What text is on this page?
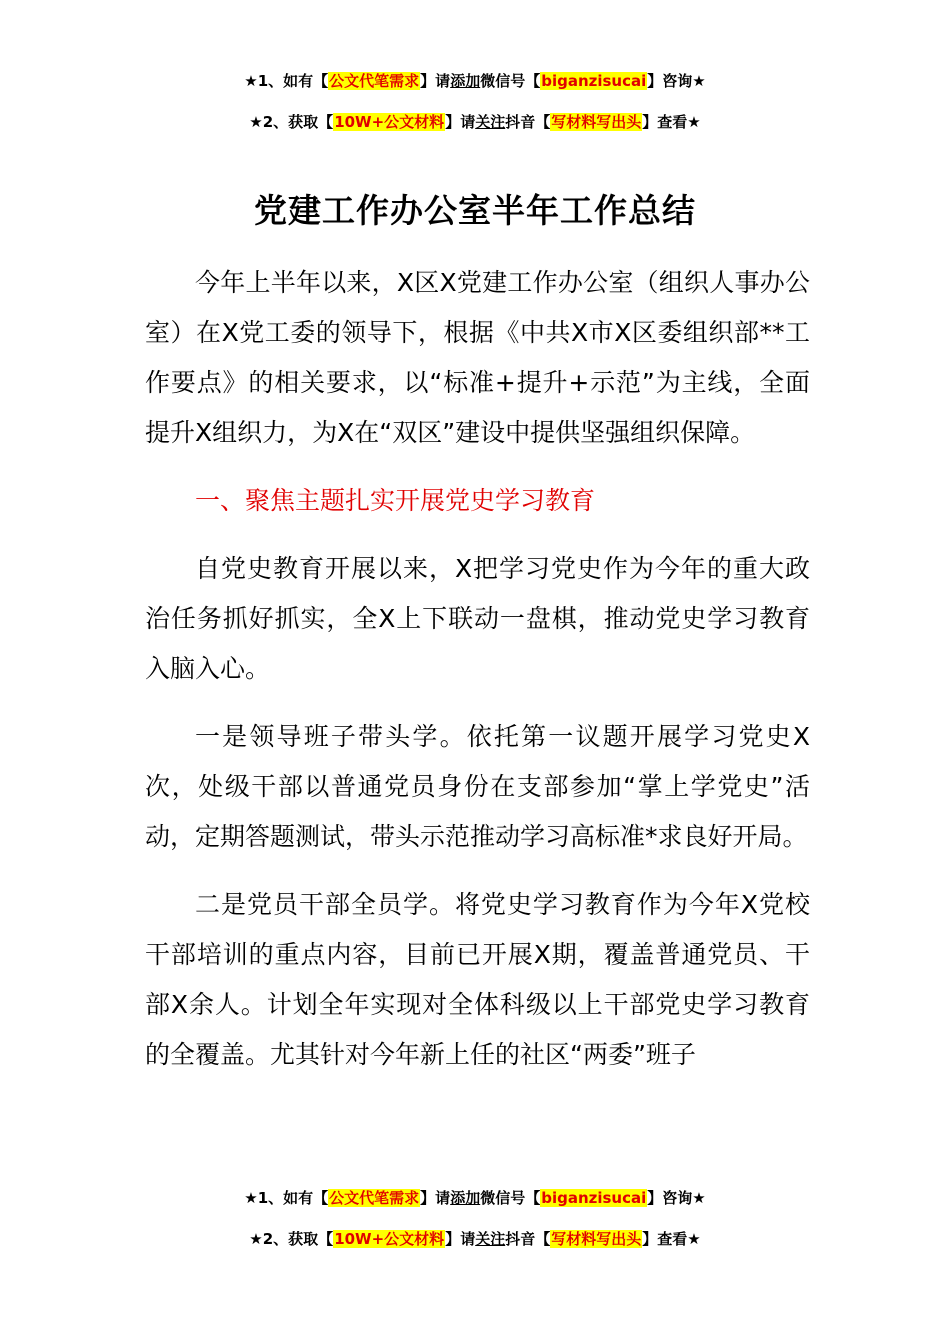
★1、如有【公文代笔需求】请添加微信号【biganzisucai】咨询★
★2、获取【10W+公文材料】请关注抖音【写材料写出头】查看★
党建工作办公室半年工作总结

今年上半年以来，X区X党建工作办公室（组织人事办公室）在X党工委的领导下，根据《中共X市X区委组织部**工作要点》的相关要求，以“标准+提升+示范”为主线，全面提升X组织力，为X在“双区”建设中提供坚强组织保障。

一、聚焦主题扎实开展党史学习教育

自党史教育开展以来，X把学习党史作为今年的重大政治任务抓好抓实，全X上下联动一盘棋，推动党史学习教育入脑入心。

一是领导班子带头学。依托第一议题开展学习党史X次，处级干部以普通党员身份在支部参加“掌上学党史”活动，定期答题测试，带头示范推动学习高标准*求良好开局。

二是党员干部全员学。将党史学习教育作为今年X党校干部培训的重点内容，目前已开展X期，覆盖普通党员、干部X余人。计划全年实现对全体科级以上干部党史学习教育的全覆盖。尤其针对今年新上任的社区“两委”班子

★1、如有【公文代笔需求】请添加微信号【biganzisucai】咨询★
★2、获取【10W+公文材料】请关注抖音【写材料写出头】查看★
